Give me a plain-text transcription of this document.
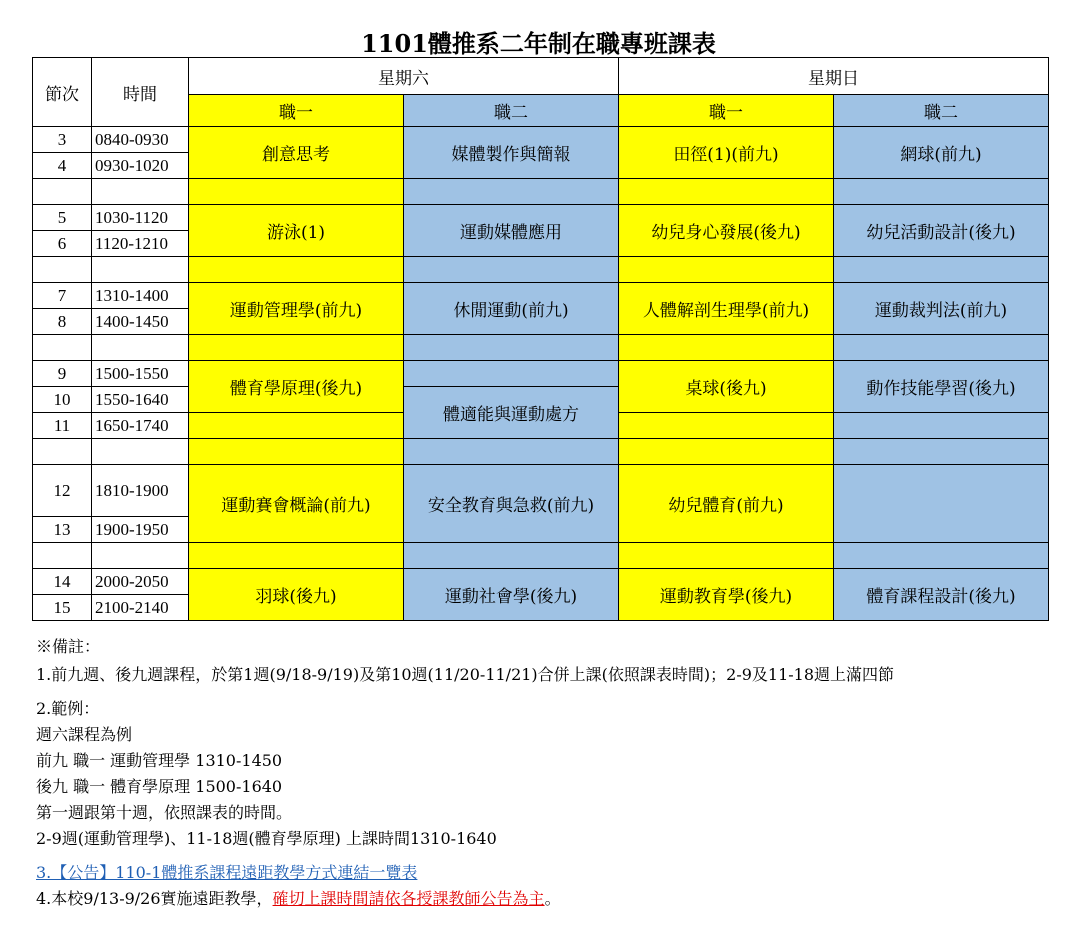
1101體推系二年制在職專班課表
節次	時間	星期六		星期日	
		職一	職二	職一	職二
3	0840-0930	創意思考	媒體製作與簡報	田徑(1)(前九)	網球(前九)
4	0930-1020				

5	1030-1120	游泳(1)	運動媒體應用	幼兒身心發展(後九)	幼兒活動設計(後九)
6	1120-1210				

7	1310-1400	運動管理學(前九)	休閒運動(前九)	人體解剖生理學(前九)	運動裁判法(前九)
8	1400-1450				

9	1500-1550	體育學原理(後九)		桌球(後九)	動作技能學習(後九)
10	1550-1640		體適能與運動處方		
11	1650-1740				

12	1810-1900	運動賽會概論(前九)	安全教育與急救(前九)	幼兒體育(前九)	
13	1900-1950				

14	2000-2050	羽球(後九)	運動社會學(後九)	運動教育學(後九)	體育課程設計(後九)
15	2100-2140				
※備註：
1.前九週、後九週課程，於第1週(9/18-9/19)及第10週(11/20-11/21)合併上課(依照課表時間)；2-9及11-18週上滿四節
2.範例：
週六課程為例
前九 職一 運動管理學 1310-1450
後九 職一 體育學原理 1500-1640
第一週跟第十週，依照課表的時間。
2-9週(運動管理學)、11-18週(體育學原理) 上課時間1310-1640
3.【公告】110-1體推系課程遠距教學方式連結一覽表
4.本校9/13-9/26實施遠距教學，確切上課時間請依各授課教師公告為主。
